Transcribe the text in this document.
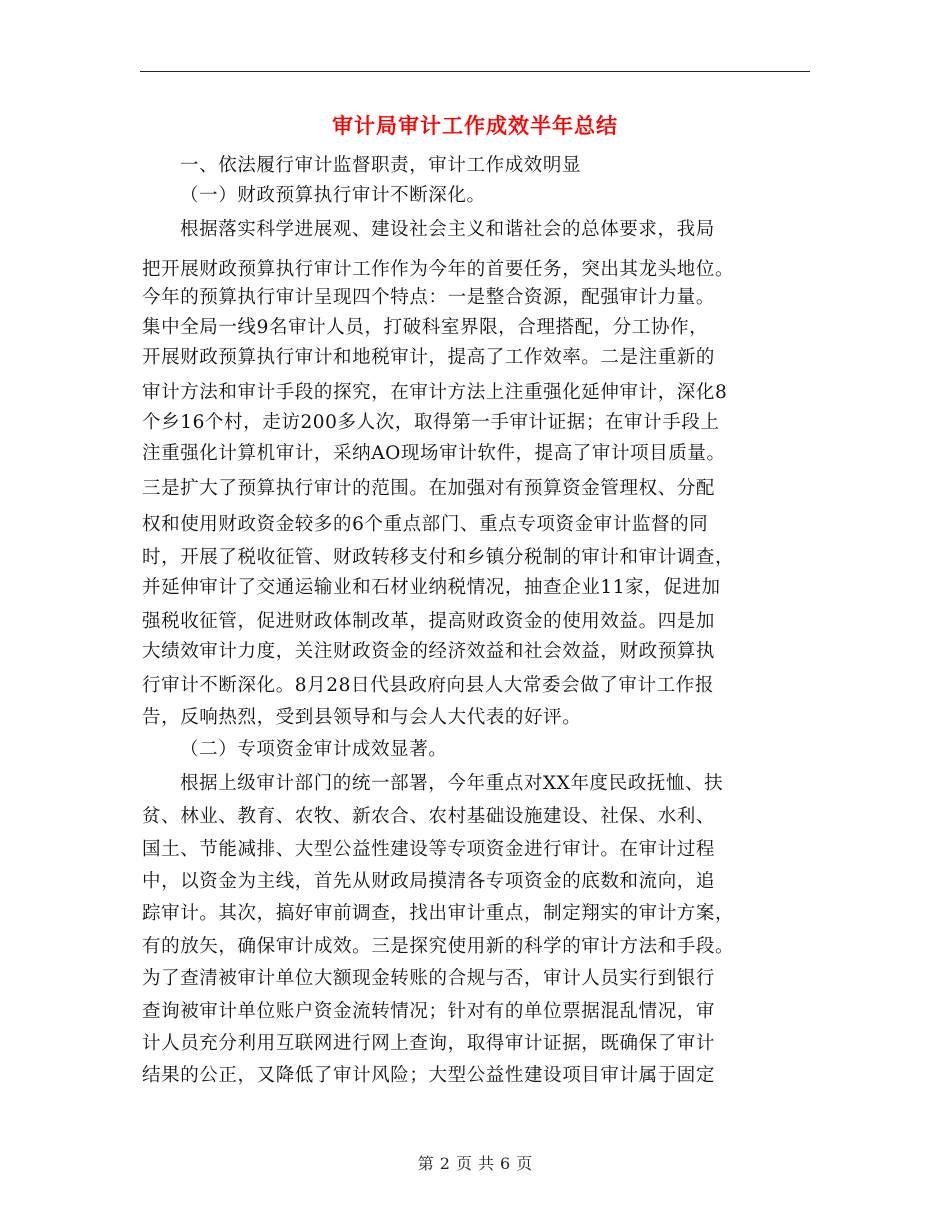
审计局审计工作成效半年总结
一、依法履行审计监督职责，审计工作成效明显
（一）财政预算执行审计不断深化。
根据落实科学进展观、建设社会主义和谐社会的总体要求，我局
把开展财政预算执行审计工作作为今年的首要任务，突出其龙头地位。
今年的预算执行审计呈现四个特点：一是整合资源，配强审计力量。
集中全局一线9名审计人员，打破科室界限，合理搭配，分工协作，
开展财政预算执行审计和地税审计，提高了工作效率。二是注重新的
审计方法和审计手段的探究，在审计方法上注重强化延伸审计，深化8
个乡16个村，走访200多人次，取得第一手审计证据；在审计手段上
注重强化计算机审计，采纳AO现场审计软件，提高了审计项目质量。
三是扩大了预算执行审计的范围。在加强对有预算资金管理权、分配
权和使用财政资金较多的6个重点部门、重点专项资金审计监督的同
时，开展了税收征管、财政转移支付和乡镇分税制的审计和审计调查，
并延伸审计了交通运输业和石材业纳税情况，抽查企业11家，促进加
强税收征管，促进财政体制改革，提高财政资金的使用效益。四是加
大绩效审计力度，关注财政资金的经济效益和社会效益，财政预算执
行审计不断深化。8月28日代县政府向县人大常委会做了审计工作报
告，反响热烈，受到县领导和与会人大代表的好评。
（二）专项资金审计成效显著。
根据上级审计部门的统一部署，今年重点对XX年度民政抚恤、扶
贫、林业、教育、农牧、新农合、农村基础设施建设、社保、水利、
国土、节能减排、大型公益性建设等专项资金进行审计。在审计过程
中，以资金为主线，首先从财政局摸清各专项资金的底数和流向，追
踪审计。其次，搞好审前调查，找出审计重点，制定翔实的审计方案，
有的放矢，确保审计成效。三是探究使用新的科学的审计方法和手段。
为了查清被审计单位大额现金转账的合规与否，审计人员实行到银行
查询被审计单位账户资金流转情况；针对有的单位票据混乱情况，审
计人员充分利用互联网进行网上查询，取得审计证据，既确保了审计
结果的公正，又降低了审计风险；大型公益性建设项目审计属于固定
第 2 页 共 6 页
